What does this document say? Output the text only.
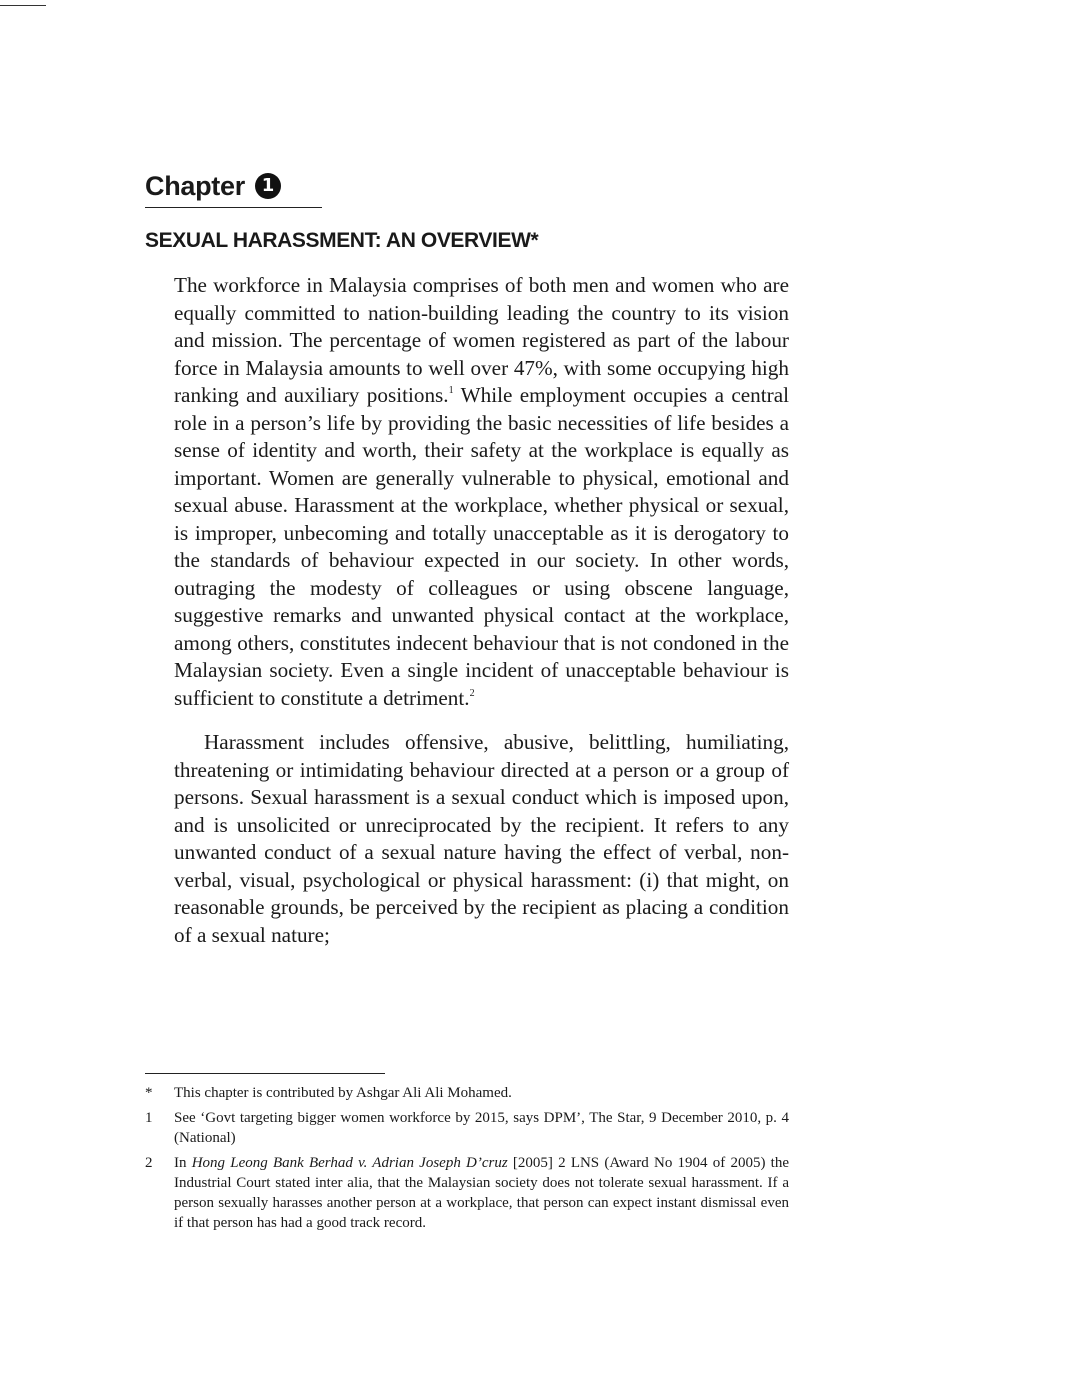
Chapter 1
SEXUAL HARASSMENT: AN OVERVIEW*

The workforce in Malaysia comprises of both men and women who are equally committed to nation-building leading the country to its vision and mission. The percentage of women registered as part of the labour force in Malaysia amounts to well over 47%, with some occupying high ranking and auxiliary positions.$^1$ While employment occupies a central role in a person’s life by providing the basic necessities of life besides a sense of identity and worth, their safety at the workplace is equally as important. Women are generally vulnerable to physical, emotional and sexual abuse. Harassment at the workplace, whether physical or sexual, is improper, unbecoming and totally unacceptable as it is derogatory to the standards of behaviour expected in our society. In other words, outraging the modesty of colleagues or using obscene language, suggestive remarks and unwanted physical contact at the workplace, among others, constitutes indecent behaviour that is not condoned in the Malaysian society. Even a single incident of unacceptable behaviour is sufficient to constitute a detriment.$^2$

Harassment includes offensive, abusive, belittling, humiliating, threatening or intimidating behaviour directed at a person or a group of persons. Sexual harassment is a sexual conduct which is imposed upon, and is unsolicited or unreciprocated by the recipient. It refers to any unwanted conduct of a sexual nature having the effect of verbal, non-verbal, visual, psychological or physical harassment: (i) that might, on reasonable grounds, be perceived by the recipient as placing a condition of a sexual nature;

*	This chapter is contributed by Ashgar Ali Ali Mohamed.
1	See ‘Govt targeting bigger women workforce by 2015, says DPM’, The Star, 9 December 2010, p. 4 (National)
2	In Hong Leong Bank Berhad v. Adrian Joseph D’cruz [2005] 2 LNS (Award No 1904 of 2005) the Industrial Court stated inter alia, that the Malaysian society does not tolerate sexual harassment. If a person sexually harasses another person at a workplace, that person can expect instant dismissal even if that person has had a good track record.
